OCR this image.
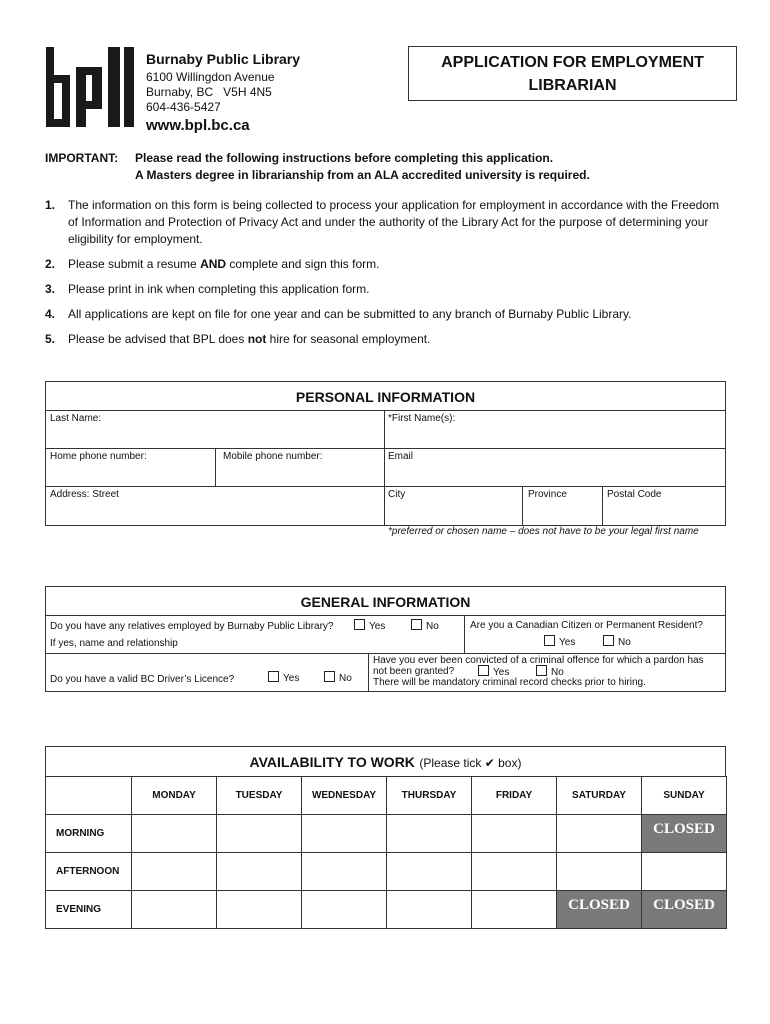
Burnaby Public Library
6100 Willingdon Avenue
Burnaby, BC   V5H 4N5
604-436-5427
www.bpl.bc.ca
APPLICATION FOR EMPLOYMENT
LIBRARIAN
IMPORTANT: Please read the following instructions before completing this application.
A Masters degree in librarianship from an ALA accredited university is required.
1.	The information on this form is being collected to process your application for employment in accordance with the Freedom of Information and Protection of Privacy Act and under the authority of the Library Act for the purpose of determining your eligibility for employment.
2.	Please submit a resume AND complete and sign this form.
3.	Please print in ink when completing this application form.
4.	All applications are kept on file for one year and can be submitted to any branch of Burnaby Public Library.
5.	Please be advised that BPL does not hire for seasonal employment.
PERSONAL INFORMATION
Last Name:	*First Name(s):
Home phone number:	Mobile phone number:	Email
Address: Street	City	Province	Postal Code
*preferred or chosen name – does not have to be your legal first name
GENERAL INFORMATION
Do you have any relatives employed by Burnaby Public Library?	Yes	No
If yes, name and relationship
Are you a Canadian Citizen or Permanent Resident?
Yes	No
Do you have a valid BC Driver’s Licence?	Yes	No
Have you ever been convicted of a criminal offence for which a pardon has
not been granted?	Yes	No
There will be mandatory criminal record checks prior to hiring.
AVAILABILITY TO WORK (Please tick ✔ box)
	MONDAY	TUESDAY	WEDNESDAY	THURSDAY	FRIDAY	SATURDAY	SUNDAY
MORNING							CLOSED
AFTERNOON							
EVENING						CLOSED	CLOSED
